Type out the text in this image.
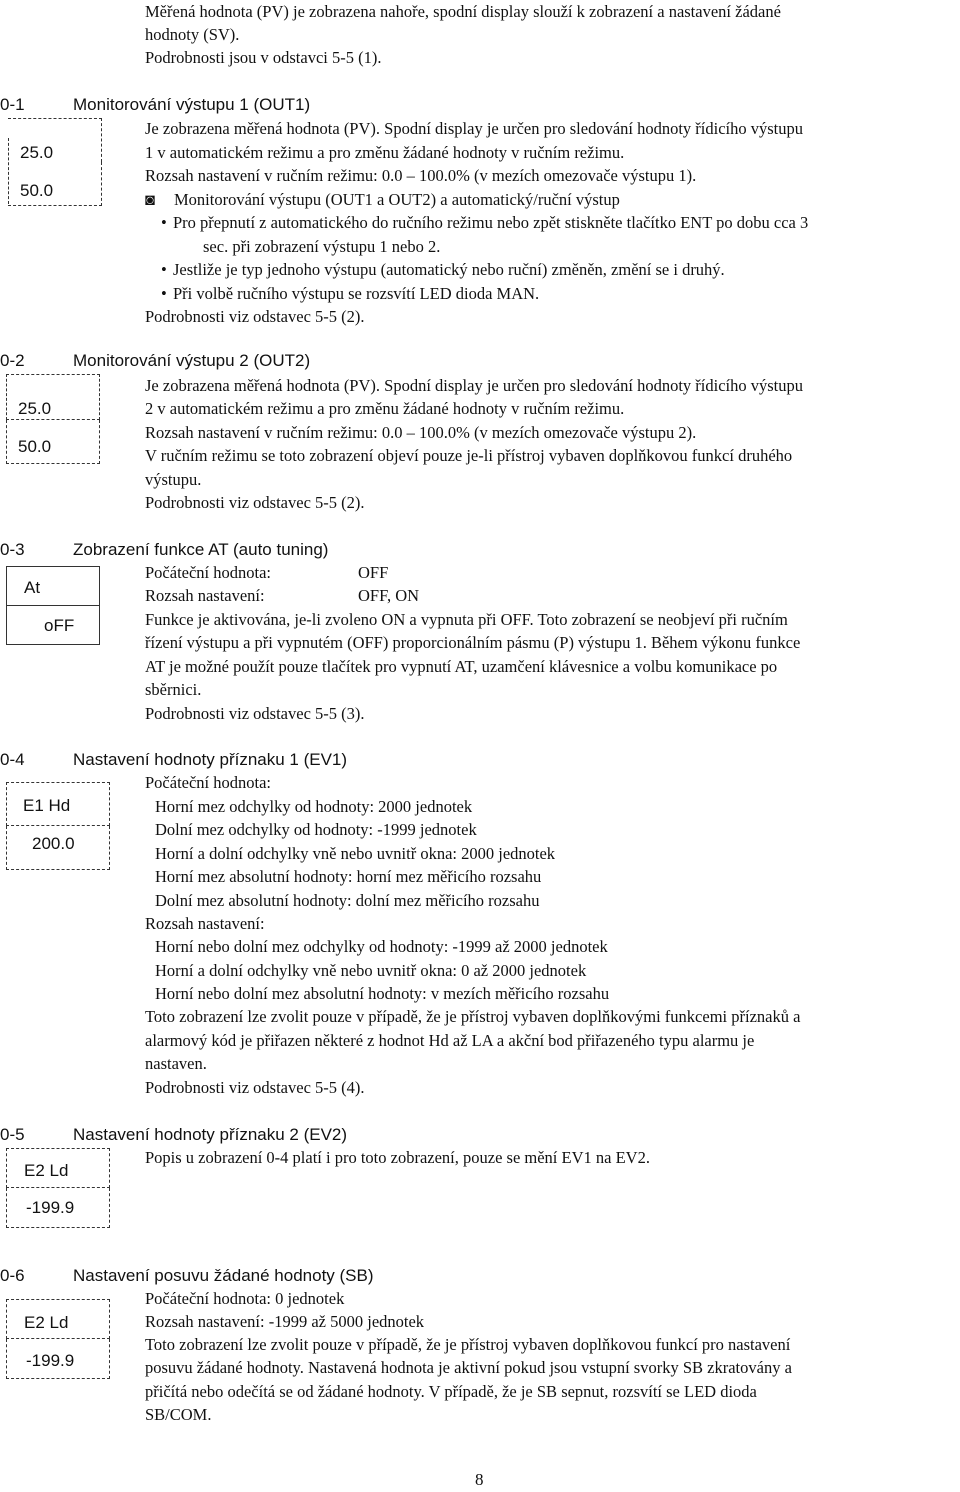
Měřená hodnota (PV) je zobrazena nahoře, spodní display slouží k zobrazení a nastavení žádané
hodnoty (SV).
Podrobnosti jsou v odstavci 5-5 (1).
0-1	Monitorování výstupu 1 (OUT1)
25.0
50.0
Je zobrazena měřená hodnota (PV). Spodní display je určen pro sledování hodnoty řídicího výstupu
1 v automatickém režimu a pro změnu žádané hodnoty v ručním režimu.
Rozsah nastavení v ručním režimu: 0.0 – 100.0% (v mezích omezovače výstupu 1).
◙ Monitorování výstupu (OUT1 a OUT2) a automatický/ruční výstup
• Pro přepnutí z automatického do ručního režimu nebo zpět stiskněte tlačítko ENT po dobu cca 3
sec. při zobrazení výstupu 1 nebo 2.
• Jestliže je typ jednoho výstupu (automatický nebo ruční) změněn, změní se i druhý.
• Při volbě ručního výstupu se rozsvítí LED dioda MAN.
Podrobnosti viz odstavec 5-5 (2).
0-2	Monitorování výstupu 2 (OUT2)
25.0
50.0
Je zobrazena měřená hodnota (PV). Spodní display je určen pro sledování hodnoty řídicího výstupu
2 v automatickém režimu a pro změnu žádané hodnoty v ručním režimu.
Rozsah nastavení v ručním režimu: 0.0 – 100.0% (v mezích omezovače výstupu 2).
V ručním režimu se toto zobrazení objeví pouze je-li přístroj vybaven doplňkovou funkcí druhého
výstupu.
Podrobnosti viz odstavec 5-5 (2).
0-3	Zobrazení funkce AT (auto tuning)
At
oFF
Počáteční hodnota:	OFF
Rozsah nastavení:	OFF, ON
Funkce je aktivována, je-li zvoleno ON a vypnuta při OFF. Toto zobrazení se neobjeví při ručním
řízení výstupu a při vypnutém (OFF) proporcionálním pásmu (P) výstupu 1. Během výkonu funkce
AT je možné použít pouze tlačítek pro vypnutí AT, uzamčení klávesnice a volbu komunikace po
sběrnici.
Podrobnosti viz odstavec 5-5 (3).
0-4	Nastavení hodnoty příznaku 1 (EV1)
E1 Hd
200.0
Počáteční hodnota:
Horní mez odchylky od hodnoty: 2000 jednotek
Dolní mez odchylky od hodnoty: -1999 jednotek
Horní a dolní odchylky vně nebo uvnitř okna: 2000 jednotek
Horní mez absolutní hodnoty: horní mez měřicího rozsahu
Dolní mez absolutní hodnoty: dolní mez měřicího rozsahu
Rozsah nastavení:
Horní nebo dolní mez odchylky od hodnoty: -1999 až 2000 jednotek
Horní a dolní odchylky vně nebo uvnitř okna: 0 až 2000 jednotek
Horní nebo dolní mez absolutní hodnoty: v mezích měřicího rozsahu
Toto zobrazení lze zvolit pouze v případě, že je přístroj vybaven doplňkovými funkcemi příznaků a
alarmový kód je přiřazen některé z hodnot Hd až LA a akční bod přiřazeného typu alarmu je
nastaven.
Podrobnosti viz odstavec 5-5 (4).
0-5	Nastavení hodnoty příznaku 2 (EV2)
E2 Ld
-199.9
Popis u zobrazení 0-4 platí i pro toto zobrazení, pouze se mění EV1 na EV2.
0-6	Nastavení posuvu žádané hodnoty (SB)
E2 Ld
-199.9
Počáteční hodnota: 0 jednotek
Rozsah nastavení: -1999 až 5000 jednotek
Toto zobrazení lze zvolit pouze v případě, že je přístroj vybaven doplňkovou funkcí pro nastavení
posuvu žádané hodnoty. Nastavená hodnota je aktivní pokud jsou vstupní svorky SB zkratovány a
přičítá nebo odečítá se od žádané hodnoty. V případě, že je SB sepnut, rozsvítí se LED dioda
SB/COM.
8
